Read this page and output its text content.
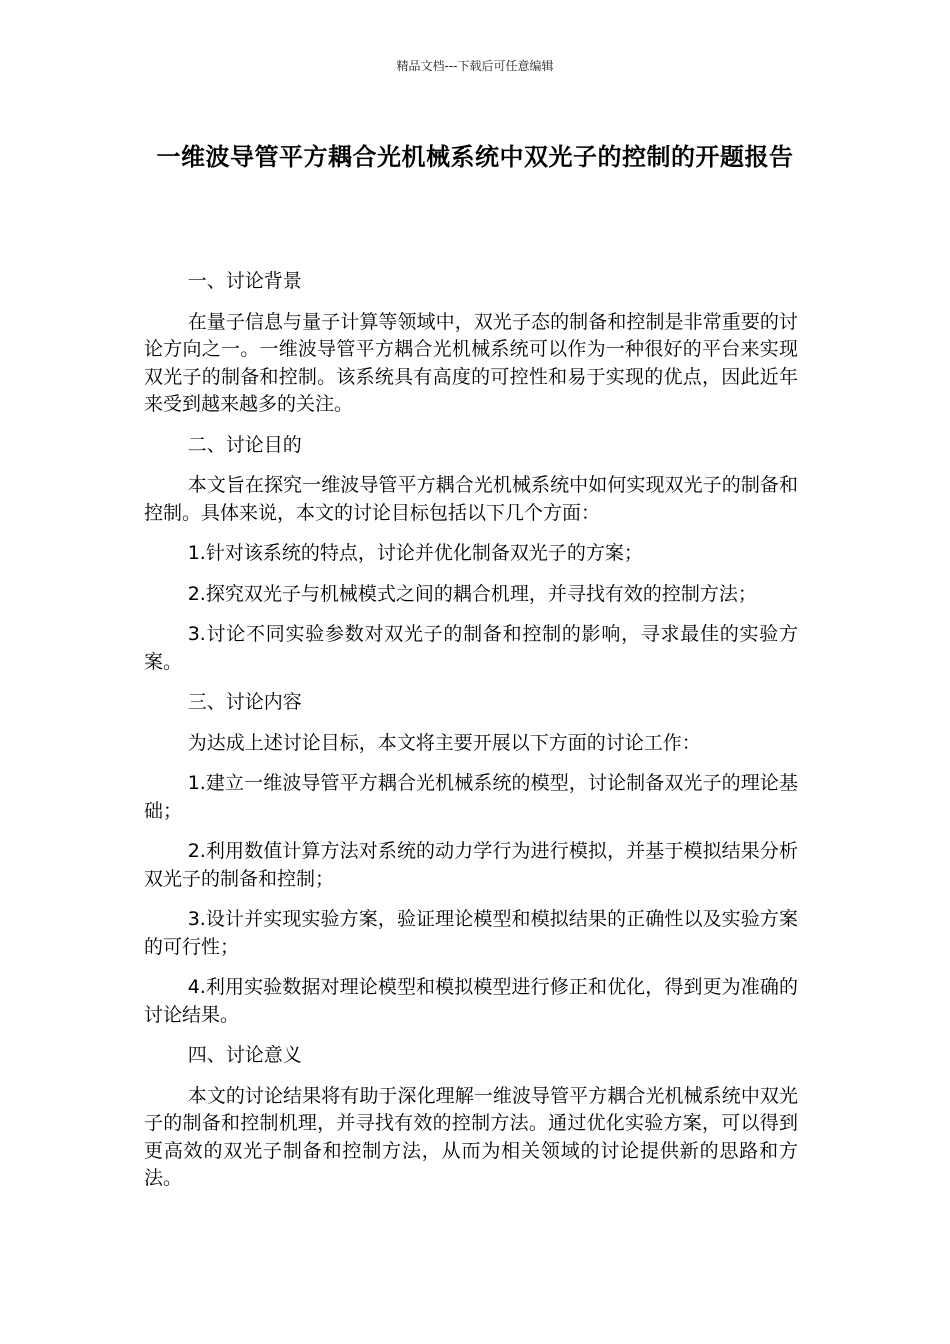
精品文档---下载后可任意编辑
一维波导管平方耦合光机械系统中双光子的控制的开题报告

一、讨论背景

在量子信息与量子计算等领域中，双光子态的制备和控制是非常重要的讨论方向之一。一维波导管平方耦合光机械系统可以作为一种很好的平台来实现双光子的制备和控制。该系统具有高度的可控性和易于实现的优点，因此近年来受到越来越多的关注。

二、讨论目的

本文旨在探究一维波导管平方耦合光机械系统中如何实现双光子的制备和控制。具体来说，本文的讨论目标包括以下几个方面：

1.针对该系统的特点，讨论并优化制备双光子的方案；

2.探究双光子与机械模式之间的耦合机理，并寻找有效的控制方法；

3.讨论不同实验参数对双光子的制备和控制的影响，寻求最佳的实验方案。

三、讨论内容

为达成上述讨论目标，本文将主要开展以下方面的讨论工作：

1.建立一维波导管平方耦合光机械系统的模型，讨论制备双光子的理论基础；

2.利用数值计算方法对系统的动力学行为进行模拟，并基于模拟结果分析双光子的制备和控制；

3.设计并实现实验方案，验证理论模型和模拟结果的正确性以及实验方案的可行性；

4.利用实验数据对理论模型和模拟模型进行修正和优化，得到更为准确的讨论结果。

四、讨论意义

本文的讨论结果将有助于深化理解一维波导管平方耦合光机械系统中双光子的制备和控制机理，并寻找有效的控制方法。通过优化实验方案，可以得到更高效的双光子制备和控制方法，从而为相关领域的讨论提供新的思路和方法。
